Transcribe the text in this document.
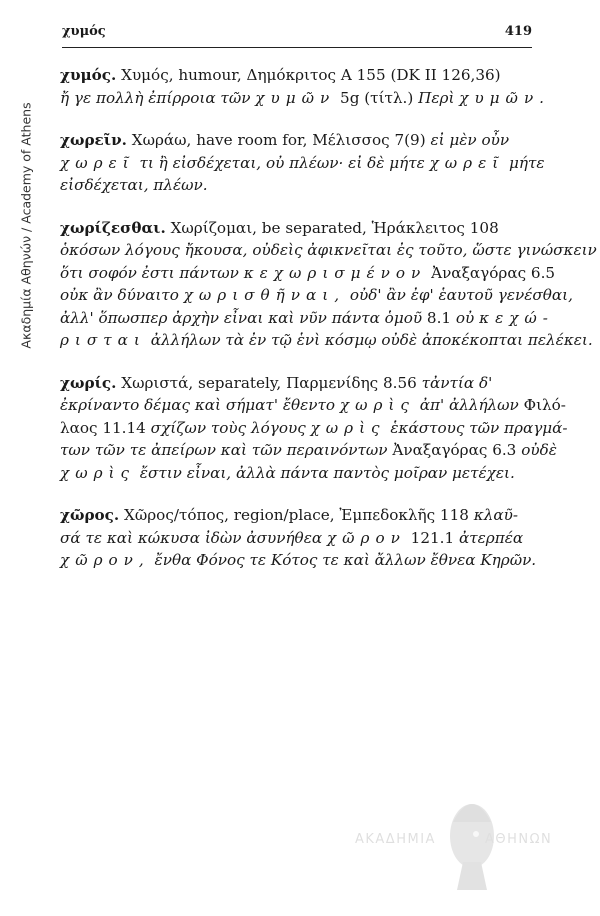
Ακαδημία Αθηνών / Academy of Athens
χυμός	419
χυμός. Χυμός, humour, Δημόκριτος A 155 (DK II 126,36)
ἤ γε πολλὴ ἐπίρροια τῶν χυμῶν 5g (τίτλ.) Περὶ χυμῶν.
χωρεῖν. Χωράω, have room for, Μέλισσος 7(9) εἰ μὲν οὖν
χωρεῖ τι ἢ εἰσδέχεται, οὐ πλέων· εἰ δὲ μήτε χωρεῖ μήτε
εἰσδέχεται, πλέων.
χωρίζεσθαι. Χωρίζομαι, be separated, Ἡράκλειτος 108
ὁκόσων λόγους ἤκουσα, οὐδεὶς ἀφικνεῖται ἐς τοῦτο, ὥστε γινώσκειν
ὅτι σοφόν ἐστι πάντων κεχωρισμένον Ἀναξαγόρας 6.5
οὐκ ἂν δύναιτο χωρισθῆναι, οὐδ' ἂν ἐφ' ἑαυτοῦ γενέσθαι,
ἀλλ' ὅπωσπερ ἀρχὴν εἶναι καὶ νῦν πάντα ὁμοῦ 8.1 οὐ κεχώ-
ρισται ἀλλήλων τὰ ἐν τῷ ἑνὶ κόσμῳ οὐδὲ ἀποκέκοπται πελέκει.
χωρίς. Χωριστά, separately, Παρμενίδης 8.56 τἀντία δ'
ἐκρίναντο δέμας καὶ σήματ' ἔθεντο χωρὶς ἀπ' ἀλλήλων Φιλό-
λαος 11.14 σχίζων τοὺς λόγους χωρὶς ἑκάστους τῶν πραγμά-
των τῶν τε ἀπείρων καὶ τῶν περαινόντων Ἀναξαγόρας 6.3 οὐδὲ
χωρὶς ἔστιν εἶναι, ἀλλὰ πάντα παντὸς μοῖραν μετέχει.
χῶρος. Χῶρος/τόπος, region/place, Ἐμπεδοκλῆς 118 κλαῦ-
σά τε καὶ κώκυσα ἰδὼν ἀσυνήθεα χῶρον 121.1 ἀτερπέα
χῶρον, ἔνθα Φόνος τε Κότος τε καὶ ἄλλων ἔθνεα Κηρῶν.
ΑΚΑΔΗΜΙΑ	ΑΘΗΝΩΝ
